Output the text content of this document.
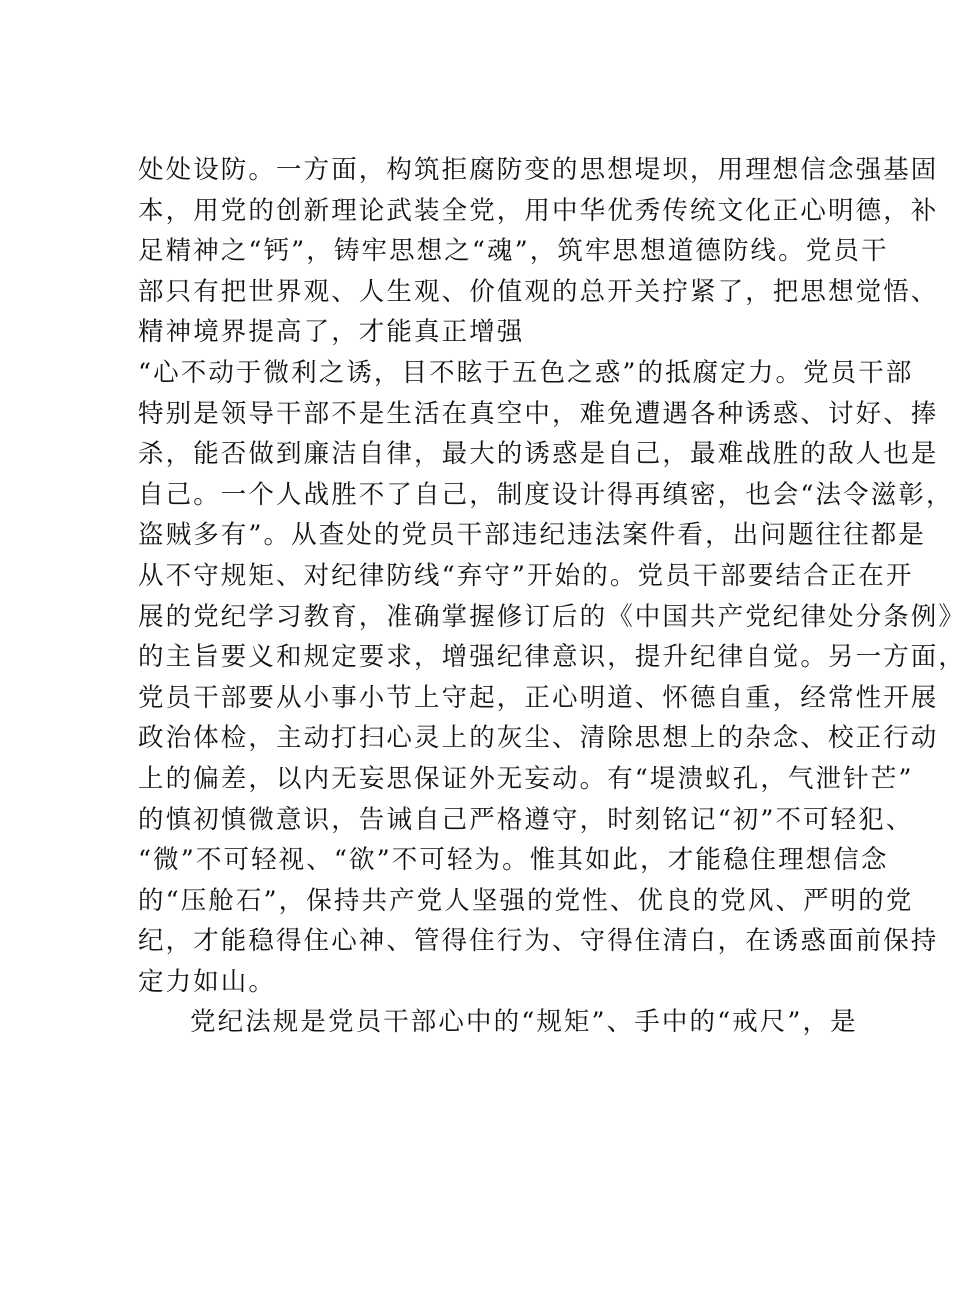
处处设防。一方面，构筑拒腐防变的思想堤坝，用理想信念强基固
本，用党的创新理论武装全党，用中华优秀传统文化正心明德，补
足精神之“钙”，铸牢思想之“魂”，筑牢思想道德防线。党员干
部只有把世界观、人生观、价值观的总开关拧紧了，把思想觉悟、
精神境界提高了，才能真正增强
“心不动于微利之诱，目不眩于五色之惑”的抵腐定力。党员干部
特别是领导干部不是生活在真空中，难免遭遇各种诱惑、讨好、捧
杀，能否做到廉洁自律，最大的诱惑是自己，最难战胜的敌人也是
自己。一个人战胜不了自己，制度设计得再缜密，也会“法令滋彰，
盗贼多有”。从查处的党员干部违纪违法案件看，出问题往往都是
从不守规矩、对纪律防线“弃守”开始的。党员干部要结合正在开
展的党纪学习教育，准确掌握修订后的《中国共产党纪律处分条例》
的主旨要义和规定要求，增强纪律意识，提升纪律自觉。另一方面，
党员干部要从小事小节上守起，正心明道、怀德自重，经常性开展
政治体检，主动打扫心灵上的灰尘、清除思想上的杂念、校正行动
上的偏差，以内无妄思保证外无妄动。有“堤溃蚁孔，气泄针芒”
的慎初慎微意识，告诫自己严格遵守，时刻铭记“初”不可轻犯、
“微”不可轻视、“欲”不可轻为。惟其如此，才能稳住理想信念
的“压舱石”，保持共产党人坚强的党性、优良的党风、严明的党
纪，才能稳得住心神、管得住行为、守得住清白，在诱惑面前保持
定力如山。
党纪法规是党员干部心中的“规矩”、手中的“戒尺”，是
